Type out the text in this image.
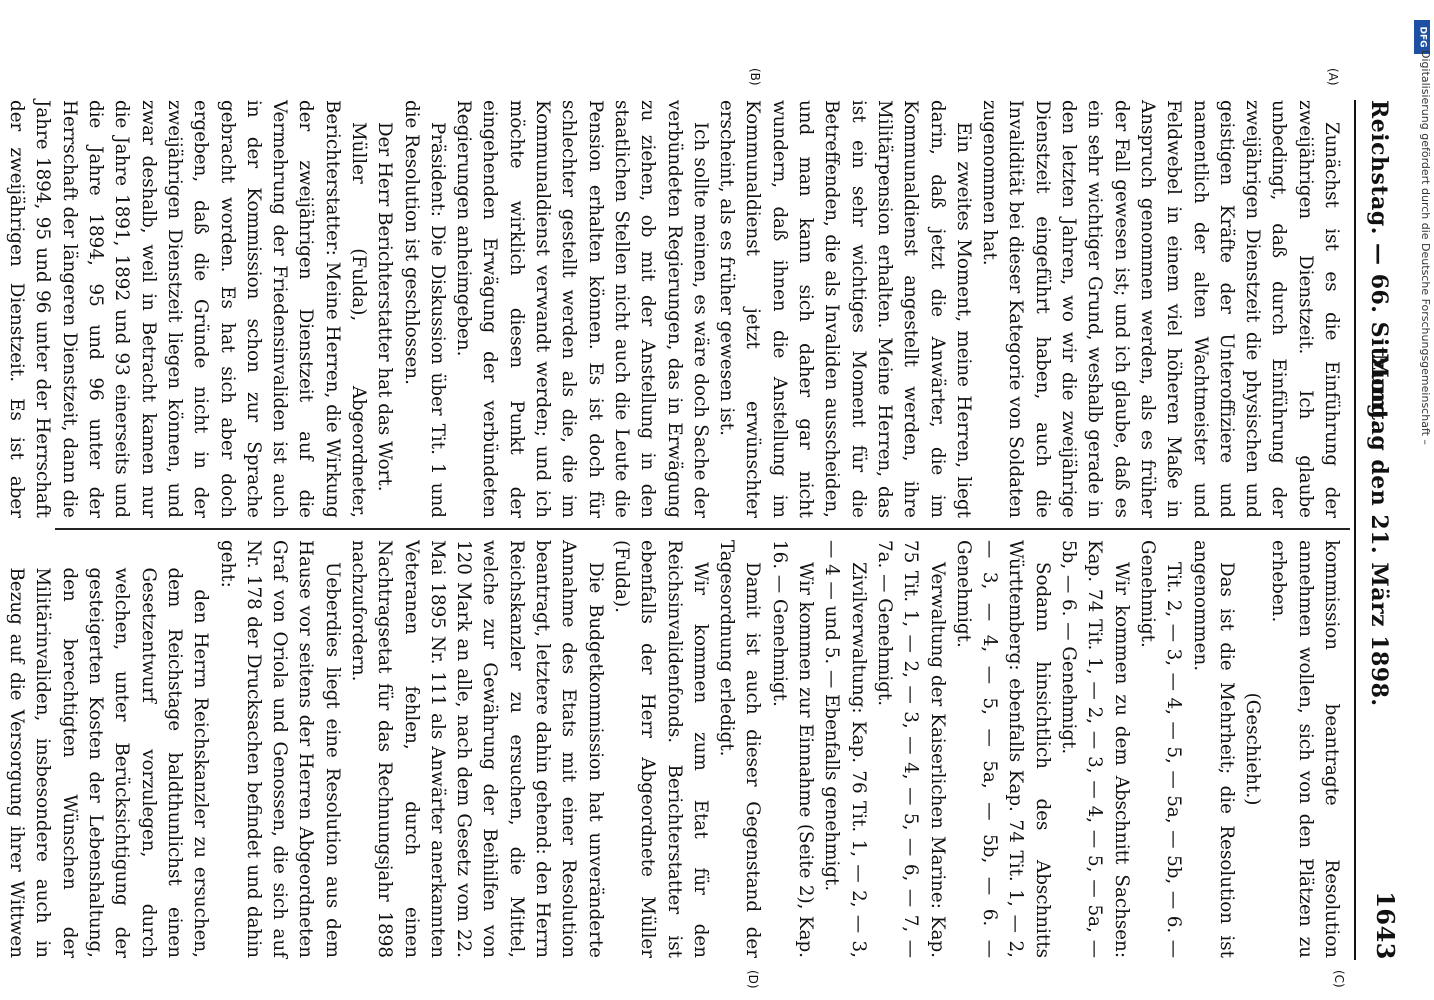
DFG
Digitalisierung gefördert durch die Deutsche Forschungsgemeinschaft –
Reichstag. — 66. Sitzung.
Montag den 21. März 1898.
1643
(A)
(B)
(C)
(D)

Zunächst ist es die Einführung der zweijährigen Dienstzeit. Ich glaube unbedingt, daß durch Einführung der zweijährigen Dienstzeit die physischen und geistigen Kräfte der Unteroffiziere und namentlich der alten Wachtmeister und Feldwebel in einem viel höheren Maße in Anspruch genommen werden, als es früher der Fall gewesen ist; und ich glaube, daß es ein sehr wichtiger Grund, weshalb gerade in den letzten Jahren, wo wir die zweijährige Dienstzeit eingeführt haben, auch die Invalidität bei dieser Kategorie von Soldaten zugenommen hat.

Ein zweites Moment, meine Herren, liegt darin, daß jetzt die Anwärter, die im Kommunaldienst angestellt werden, ihre Militärpension erhalten. Meine Herren, das ist ein sehr wichtiges Moment für die Betreffenden, die als Invaliden ausscheiden, und man kann sich daher gar nicht wundern, daß ihnen die Anstellung im Kommunaldienst jetzt erwünschter erscheint, als es früher gewesen ist.

Ich sollte meinen, es wäre doch Sache der verbündeten Regierungen, das in Erwägung zu ziehen, ob mit der Anstellung in den staatlichen Stellen nicht auch die Leute die Pension erhalten können. Es ist doch für schlechter gestellt werden als die, die im Kommunaldienst verwandt werden; und ich möchte wirklich diesen Punkt der eingehenden Erwägung der verbündeten Regierungen anheimgeben.

Präsident: Die Diskussion über Tit. 1 und die Resolution ist geschlossen.

Der Herr Berichterstatter hat das Wort.

Müller (Fulda), Abgeordneter, Berichterstatter: Meine Herren, die Wirkung der zweijährigen Dienstzeit auf die Vermehrung der Friedensinvaliden ist auch in der Kommission schon zur Sprache gebracht worden. Es hat sich aber doch ergeben, daß die Gründe nicht in der zweijährigen Dienstzeit liegen können, und zwar deshalb, weil in Betracht kamen nur die Jahre 1891, 1892 und 93 einerseits und die Jahre 1894, 95 und 96 unter der Herrschaft der längeren Dienstzeit, dann die Jahre 1894, 95 und 96 unter der Herrschaft der zweijährigen Dienstzeit. Es ist aber

kommission beantragte Resolution annehmen wollen, sich von den Plätzen zu erheben.

(Geschieht.)

Das ist die Mehrheit; die Resolution ist angenommen.

Tit. 2, — 3, — 4, — 5, — 5a, — 5b, — 6. — Genehmigt.

Wir kommen zu dem Abschnitt Sachsen: Kap. 74 Tit. 1, — 2, — 3, — 4, — 5, — 5a, — 5b, — 6. — Genehmigt.

Sodann hinsichtlich des Abschnitts Württemberg: ebenfalls Kap. 74 Tit. 1, — 2, — 3, — 4, — 5, — 5a, — 5b, — 6. — Genehmigt.

Verwaltung der Kaiserlichen Marine: Kap. 75 Tit. 1, — 2, — 3, — 4, — 5, — 6, — 7, — 7a. — Genehmigt.

Zivilverwaltung: Kap. 76 Tit. 1, — 2, — 3, — 4 — und 5. — Ebenfalls genehmigt.

Wir kommen zur Einnahme (Seite 2), Kap. 16. — Genehmigt.

Damit ist auch dieser Gegenstand der Tagesordnung erledigt.

Wir kommen zum Etat für den Reichsinvalidenfonds. Berichterstatter ist ebenfalls der Herr Abgeordnete Müller (Fulda).

Die Budgetkommission hat unveränderte Annahme des Etats mit einer Resolution beantragt, letztere dahin gehend: den Herrn Reichskanzler zu ersuchen, die Mittel, welche zur Gewährung der Beihilfen von 120 Mark an alle, nach dem Gesetz vom 22. Mai 1895 Nr. 111 als Anwärter anerkannten Veteranen fehlen, durch einen Nachtragsetat für das Rechnungsjahr 1898 nachzufordern.

Ueberdies liegt eine Resolution aus dem Hause vor seitens der Herren Abgeordneten Graf von Oriola und Genossen, die sich auf Nr. 178 der Drucksachen befindet und dahin geht:

den Herrn Reichskanzler zu ersuchen, dem Reichstage baldthunlichst einen Gesetzentwurf vorzulegen, durch welchen, unter Berücksichtigung der gesteigerten Kosten der Lebenshaltung, den berechtigten Wünschen der Militärinvaliden, insbesondere auch in Bezug auf die Versorgung ihrer Wittwen
